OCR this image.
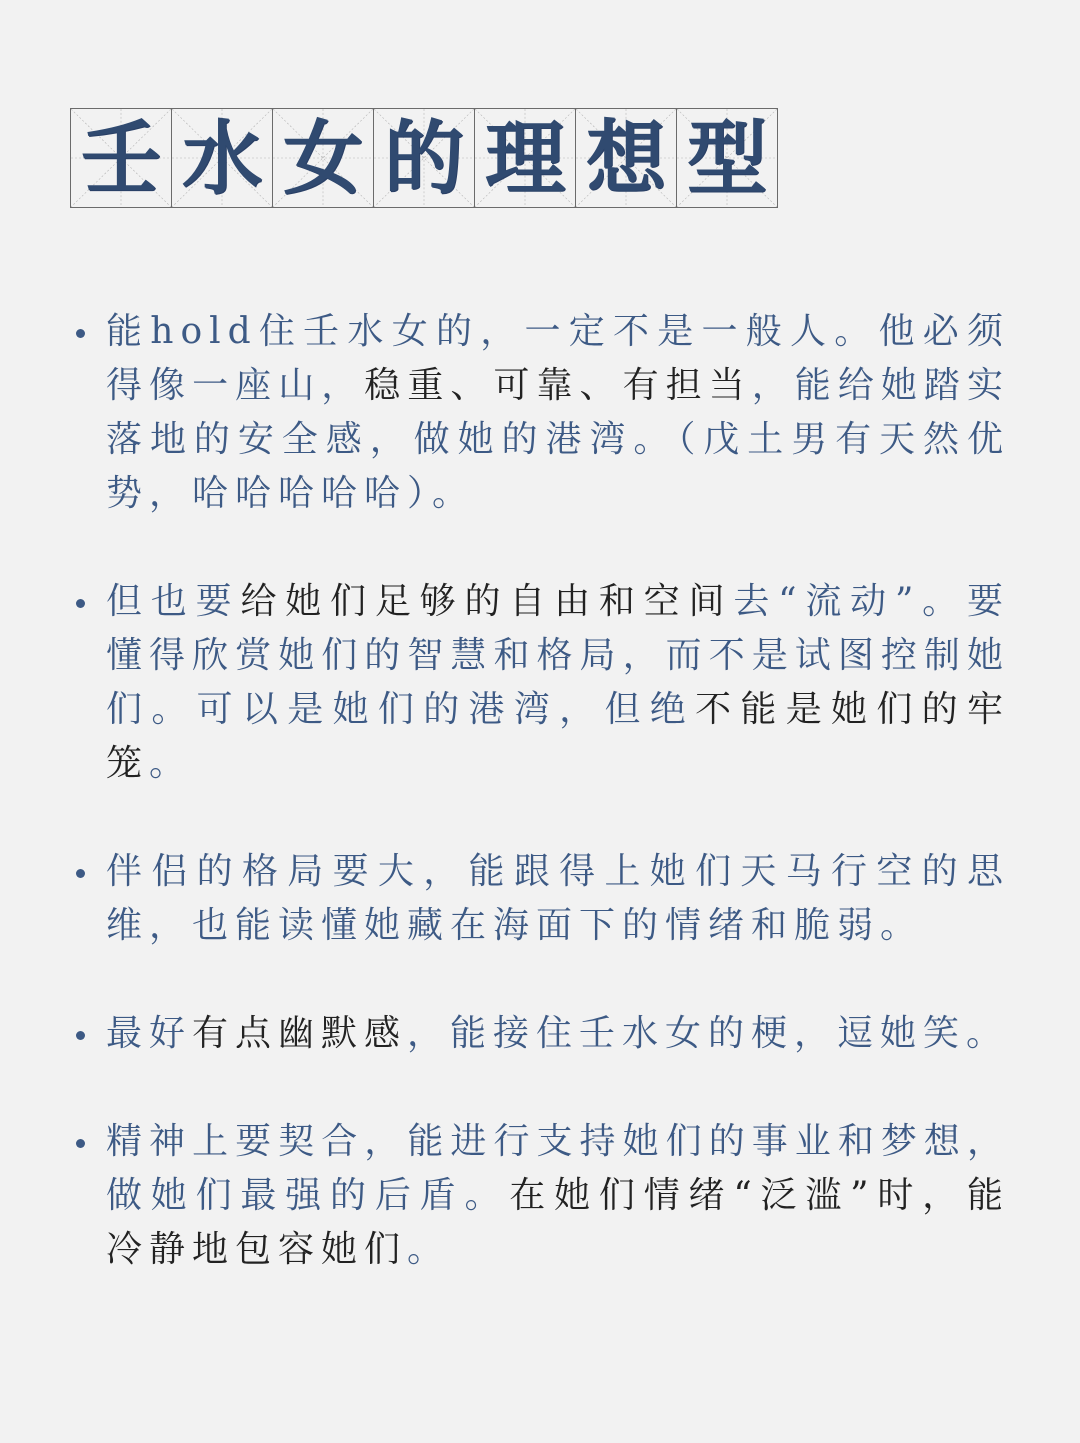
壬 水 女 的 理 想 型
能hold住壬水女的，一定不是一般人。他必须得像一座山，稳重、可靠、有担当，能给她踏实落地的安全感，做她的港湾。（戊土男有天然优势，哈哈哈哈哈）。
但也要给她们足够的自由和空间去“流动”。要懂得欣赏她们的智慧和格局，而不是试图控制她们。可以是她们的港湾，但绝不能是她们的牢笼。
伴侣的格局要大，能跟得上她们天马行空的思维，也能读懂她藏在海面下的情绪和脆弱。
最好有点幽默感，能接住壬水女的梗，逗她笑。
精神上要契合，能进行支持她们的事业和梦想，做她们最强的后盾。在她们情绪“泛滥”时，能冷静地包容她们。
